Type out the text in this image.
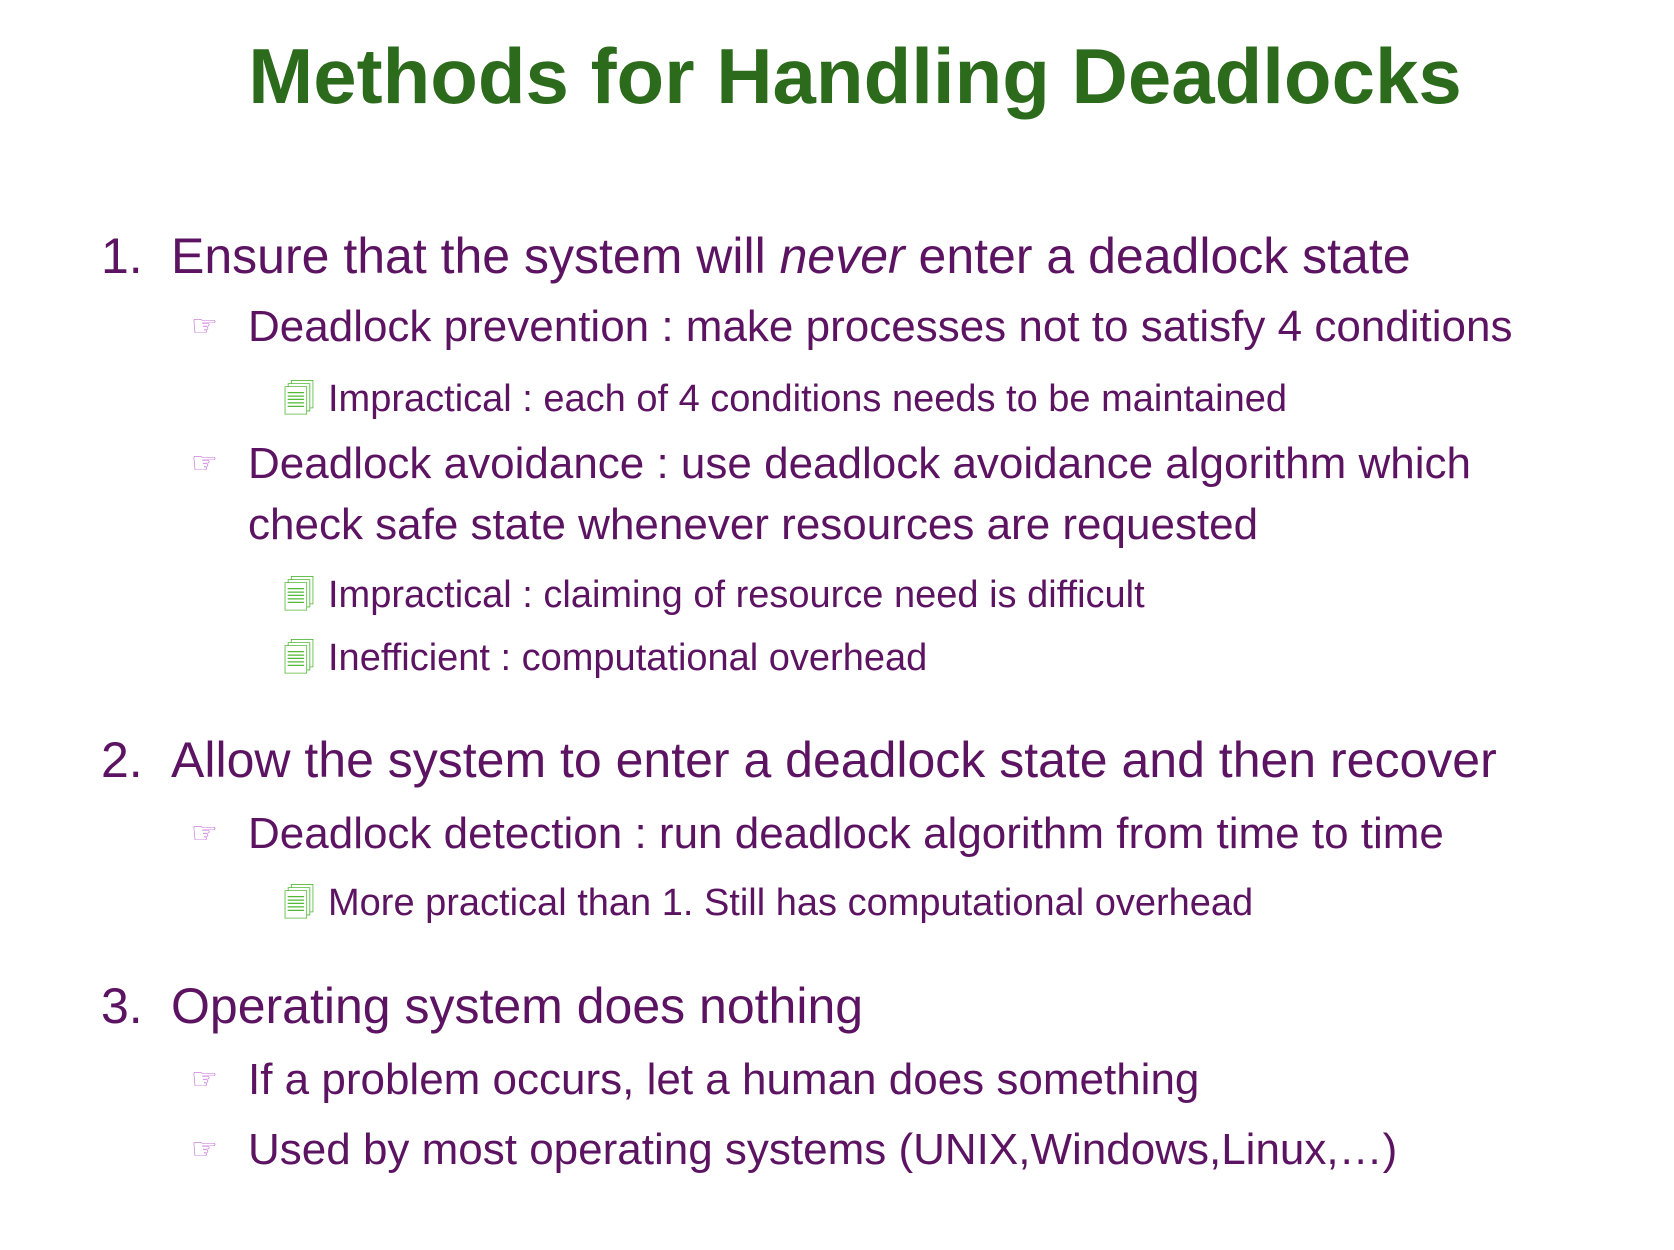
Methods for Handling Deadlocks
1. Ensure that the system will never enter a deadlock state
☞ Deadlock prevention : make processes not to satisfy 4 conditions
🗐 Impractical : each of 4 conditions needs to be maintained
☞ Deadlock avoidance : use deadlock avoidance algorithm which
check safe state whenever resources are requested
🗐 Impractical : claiming of resource need is difficult
🗐 Inefficient : computational overhead
2. Allow the system to enter a deadlock state and then recover
☞ Deadlock detection : run deadlock algorithm from time to time
🗐 More practical than 1. Still has computational overhead
3. Operating system does nothing
☞ If a problem occurs, let a human does something
☞ Used by most operating systems (UNIX,Windows,Linux,…)
